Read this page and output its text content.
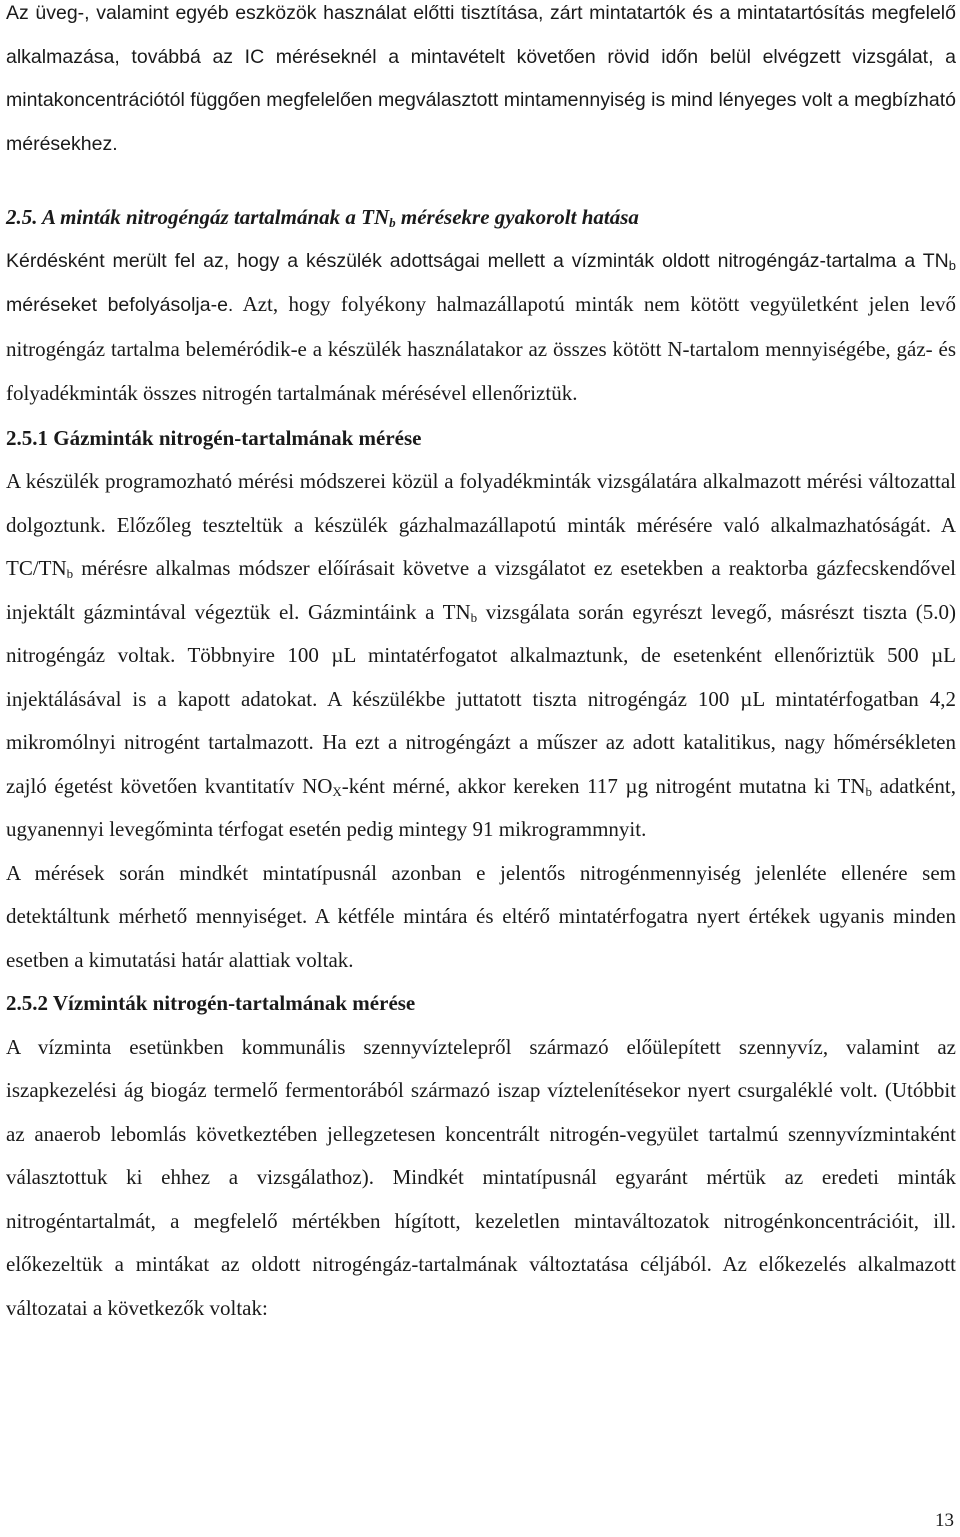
Az üveg-, valamint egyéb eszközök használat előtti tisztítása, zárt mintatartók és a mintatartósítás megfelelő alkalmazása, továbbá az IC méréseknél a mintavételt követően rövid időn belül elvégzett vizsgálat, a mintakoncentrációtól függően megfelelően megválasztott mintamennyiség is mind lényeges volt a megbízható mérésekhez.

2.5. A minták nitrogéngáz tartalmának a $TN_b$ mérésekre gyakorolt hatása

Kérdésként merült fel az, hogy a készülék adottságai mellett a vízminták oldott nitrogéngáz-tartalma a $TN_b$ méréseket befolyásolja-e. Azt, hogy folyékony halmazállapotú minták nem kötött vegyületként jelen levő nitrogéngáz tartalma beleméródik-e a készülék használatakor az összes kötött N-tartalom mennyiségébe, gáz- és folyadékminták összes nitrogén tartalmának mérésével ellenőriztük.

2.5.1 Gázminták nitrogén-tartalmának mérése

A készülék programozható mérési módszerei közül a folyadékminták vizsgálatára alkalmazott mérési változattal dolgoztunk. Előzőleg teszteltük a készülék gázhalmazállapotú minták mérésére való alkalmazhatóságát. A $TC/TN_b$ mérésre alkalmas módszer előírásait követve a vizsgálatot ez esetekben a reaktorba gázfecskendővel injektált gázmintával végeztük el. Gázmintáink a $TN_b$ vizsgálata során egyrészt levegő, másrészt tiszta (5.0) nitrogéngáz voltak. Többnyire 100 µL mintatérfogatot alkalmaztunk, de esetenként ellenőriztük 500 µL injektálásával is a kapott adatokat. A készülékbe juttatott tiszta nitrogéngáz 100 µL mintatérfogatban 4,2 mikromólnyi nitrogént tartalmazott. Ha ezt a nitrogéngázt a műszer az adott katalitikus, nagy hőmérsékleten zajló égetést követően kvantitatív $NO_X$-ként mérné, akkor kereken 117 µg nitrogént mutatna ki $TN_b$ adatként, ugyanennyi levegőminta térfogat esetén pedig mintegy 91 mikrogrammnyit.

A mérések során mindkét mintatípusnál azonban e jelentős nitrogénmennyiség jelenléte ellenére sem detektáltunk mérhető mennyiséget. A kétféle mintára és eltérő mintatérfogatra nyert értékek ugyanis minden esetben a kimutatási határ alattiak voltak.

2.5.2 Vízminták nitrogén-tartalmának mérése

A vízminta esetünkben kommunális szennyvíztelepről származó előülepített szennyvíz, valamint az iszapkezelési ág biogáz termelő fermentorából származó iszap víztelenítésekor nyert csurgaléklé volt. (Utóbbit az anaerob lebomlás következtében jellegzetesen koncentrált nitrogén-vegyület tartalmú szennyvízmintaként választottuk ki ehhez a vizsgálathoz). Mindkét mintatípusnál egyaránt mértük az eredeti minták nitrogéntartalmát, a megfelelő mértékben hígított, kezeletlen mintaváltozatok nitrogénkoncentrációit, ill. előkezeltük a mintákat az oldott nitrogéngáz-tartalmának változtatása céljából. Az előkezelés alkalmazott változatai a következők voltak:

13
